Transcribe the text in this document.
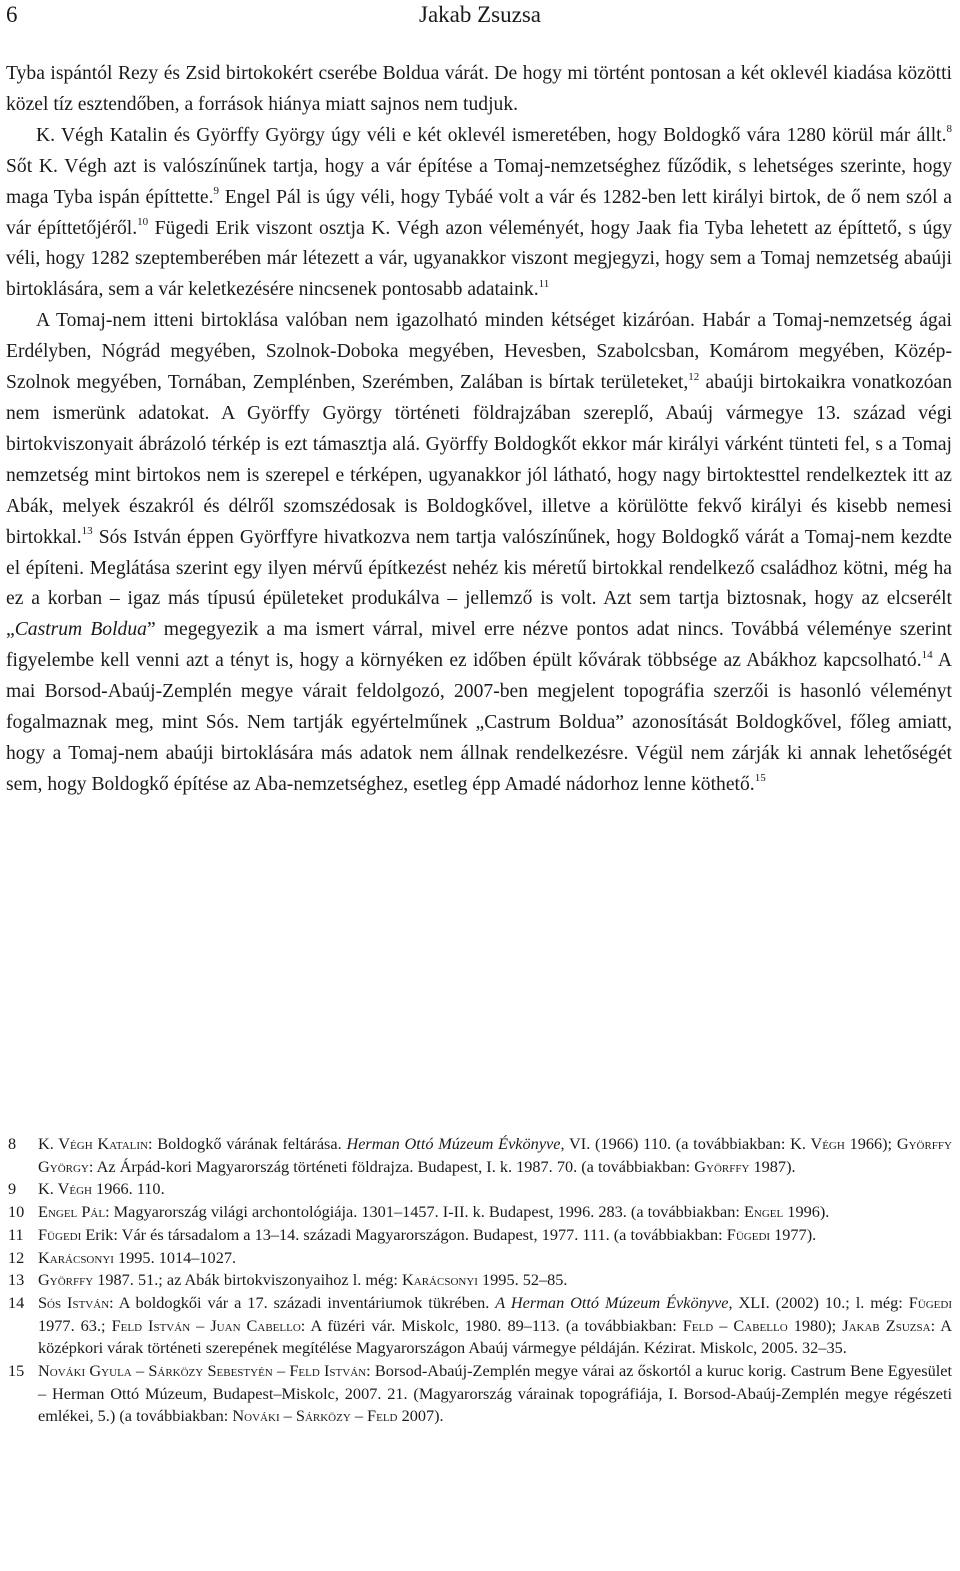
6	Jakab Zsuzsa

Tyba ispántól Rezy és Zsid birtokokért cserébe Boldua várát. De hogy mi történt pontosan a két oklevél kiadása közötti közel tíz esztendőben, a források hiánya miatt sajnos nem tudjuk.

K. Végh Katalin és Györffy György úgy véli e két oklevél ismeretében, hogy Boldogkő vára 1280 körül már állt.$^8$ Sőt K. Végh azt is valószínűnek tartja, hogy a vár építése a Tomaj-nemzetséghez fűződik, s lehetséges szerinte, hogy maga Tyba ispán építtette.$^9$ Engel Pál is úgy véli, hogy Tybáé volt a vár és 1282-ben lett királyi birtok, de ő nem szól a vár építtetőjéről.$^{10}$ Fügedi Erik viszont osztja K. Végh azon véleményét, hogy Jaak fia Tyba lehetett az építtető, s úgy véli, hogy 1282 szeptemberében már létezett a vár, ugyanakkor viszont megjegyzi, hogy sem a Tomaj nemzetség abaúji birtoklására, sem a vár keletkezésére nincsenek pontosabb adataink.$^{11}$

A Tomaj-nem itteni birtoklása valóban nem igazolható minden kétséget kizáróan. Habár a Tomaj-nemzetség ágai Erdélyben, Nógrád megyében, Szolnok-Doboka megyében, Hevesben, Szabolcsban, Komárom megyében, Közép-Szolnok megyében, Tornában, Zemplénben, Szerémben, Zalában is bírtak területeket,$^{12}$ abaúji birtokaikra vonatkozóan nem ismerünk adatokat. A Györffy György történeti földrajzában szereplő, Abaúj vármegye 13. század végi birtokviszonyait ábrázoló térkép is ezt támasztja alá. Györffy Boldogkőt ekkor már királyi várként tünteti fel, s a Tomaj nemzetség mint birtokos nem is szerepel e térképen, ugyanakkor jól látható, hogy nagy birtoktesttel rendelkeztek itt az Abák, melyek északról és délről szomszédosak is Boldogkővel, illetve a körülötte fekvő királyi és kisebb nemesi birtokkal.$^{13}$ Sós István éppen Györffyre hivatkozva nem tartja valószínűnek, hogy Boldogkő várát a Tomaj-nem kezdte el építeni. Meglátása szerint egy ilyen mérvű építkezést nehéz kis méretű birtokkal rendelkező családhoz kötni, még ha ez a korban – igaz más típusú épületeket produkálva – jellemző is volt. Azt sem tartja biztosnak, hogy az elcserélt „Castrum Boldua” megegyezik a ma ismert várral, mivel erre nézve pontos adat nincs. Továbbá véleménye szerint figyelembe kell venni azt a tényt is, hogy a környéken ez időben épült kővárak többsége az Abákhoz kapcsolható.$^{14}$ A mai Borsod-Abaúj-Zemplén megye várait feldolgozó, 2007-ben megjelent topográfia szerzői is hasonló véleményt fogalmaznak meg, mint Sós. Nem tartják egyértelműnek „Castrum Boldua” azonosítását Boldogkővel, főleg amiatt, hogy a Tomaj-nem abaúji birtoklására más adatok nem állnak rendelkezésre. Végül nem zárják ki annak lehetőségét sem, hogy Boldogkő építése az Aba-nemzetséghez, esetleg épp Amadé nádorhoz lenne köthető.$^{15}$

8	K. Végh Katalin: Boldogkő várának feltárása. Herman Ottó Múzeum Évkönyve, VI. (1966) 110. (a továbbiakban: K. Végh 1966); Györffy György: Az Árpád-kori Magyarország történeti földrajza. Budapest, I. k. 1987. 70. (a továbbiakban: Györffy 1987).
9	K. Végh 1966. 110.
10 Engel Pál: Magyarország világi archontológiája. 1301–1457. I-II. k. Budapest, 1996. 283. (a továbbiakban: Engel 1996).
11 Fügedi Erik: Vár és társadalom a 13–14. századi Magyarországon. Budapest, 1977. 111. (a továbbiakban: Fügedi 1977).
12 Karácsonyi 1995. 1014–1027.
13 Györffy 1987. 51.; az Abák birtokviszonyaihoz l. még: Karácsonyi 1995. 52–85.
14 Sós István: A boldogkői vár a 17. századi inventáriumok tükrében. A Herman Ottó Múzeum Évkönyve, XLI. (2002) 10.; l. még: Fügedi 1977. 63.; Feld István – Juan Cabello: A füzéri vár. Miskolc, 1980. 89–113. (a továbbiakban: Feld – Cabello 1980); Jakab Zsuzsa: A középkori várak történeti szerepének megítélése Magyarországon Abaúj vármegye példáján. Kézirat. Miskolc, 2005. 32–35.
15 Nováki Gyula – Sárközy Sebestyén – Feld István: Borsod-Abaúj-Zemplén megye várai az őskortól a kuruc korig. Castrum Bene Egyesület – Herman Ottó Múzeum, Budapest–Miskolc, 2007. 21. (Magyarország várainak topográfiája, I. Borsod-Abaúj-Zemplén megye régészeti emlékei, 5.) (a továbbiakban: Nováki – Sárközy – Feld 2007).
